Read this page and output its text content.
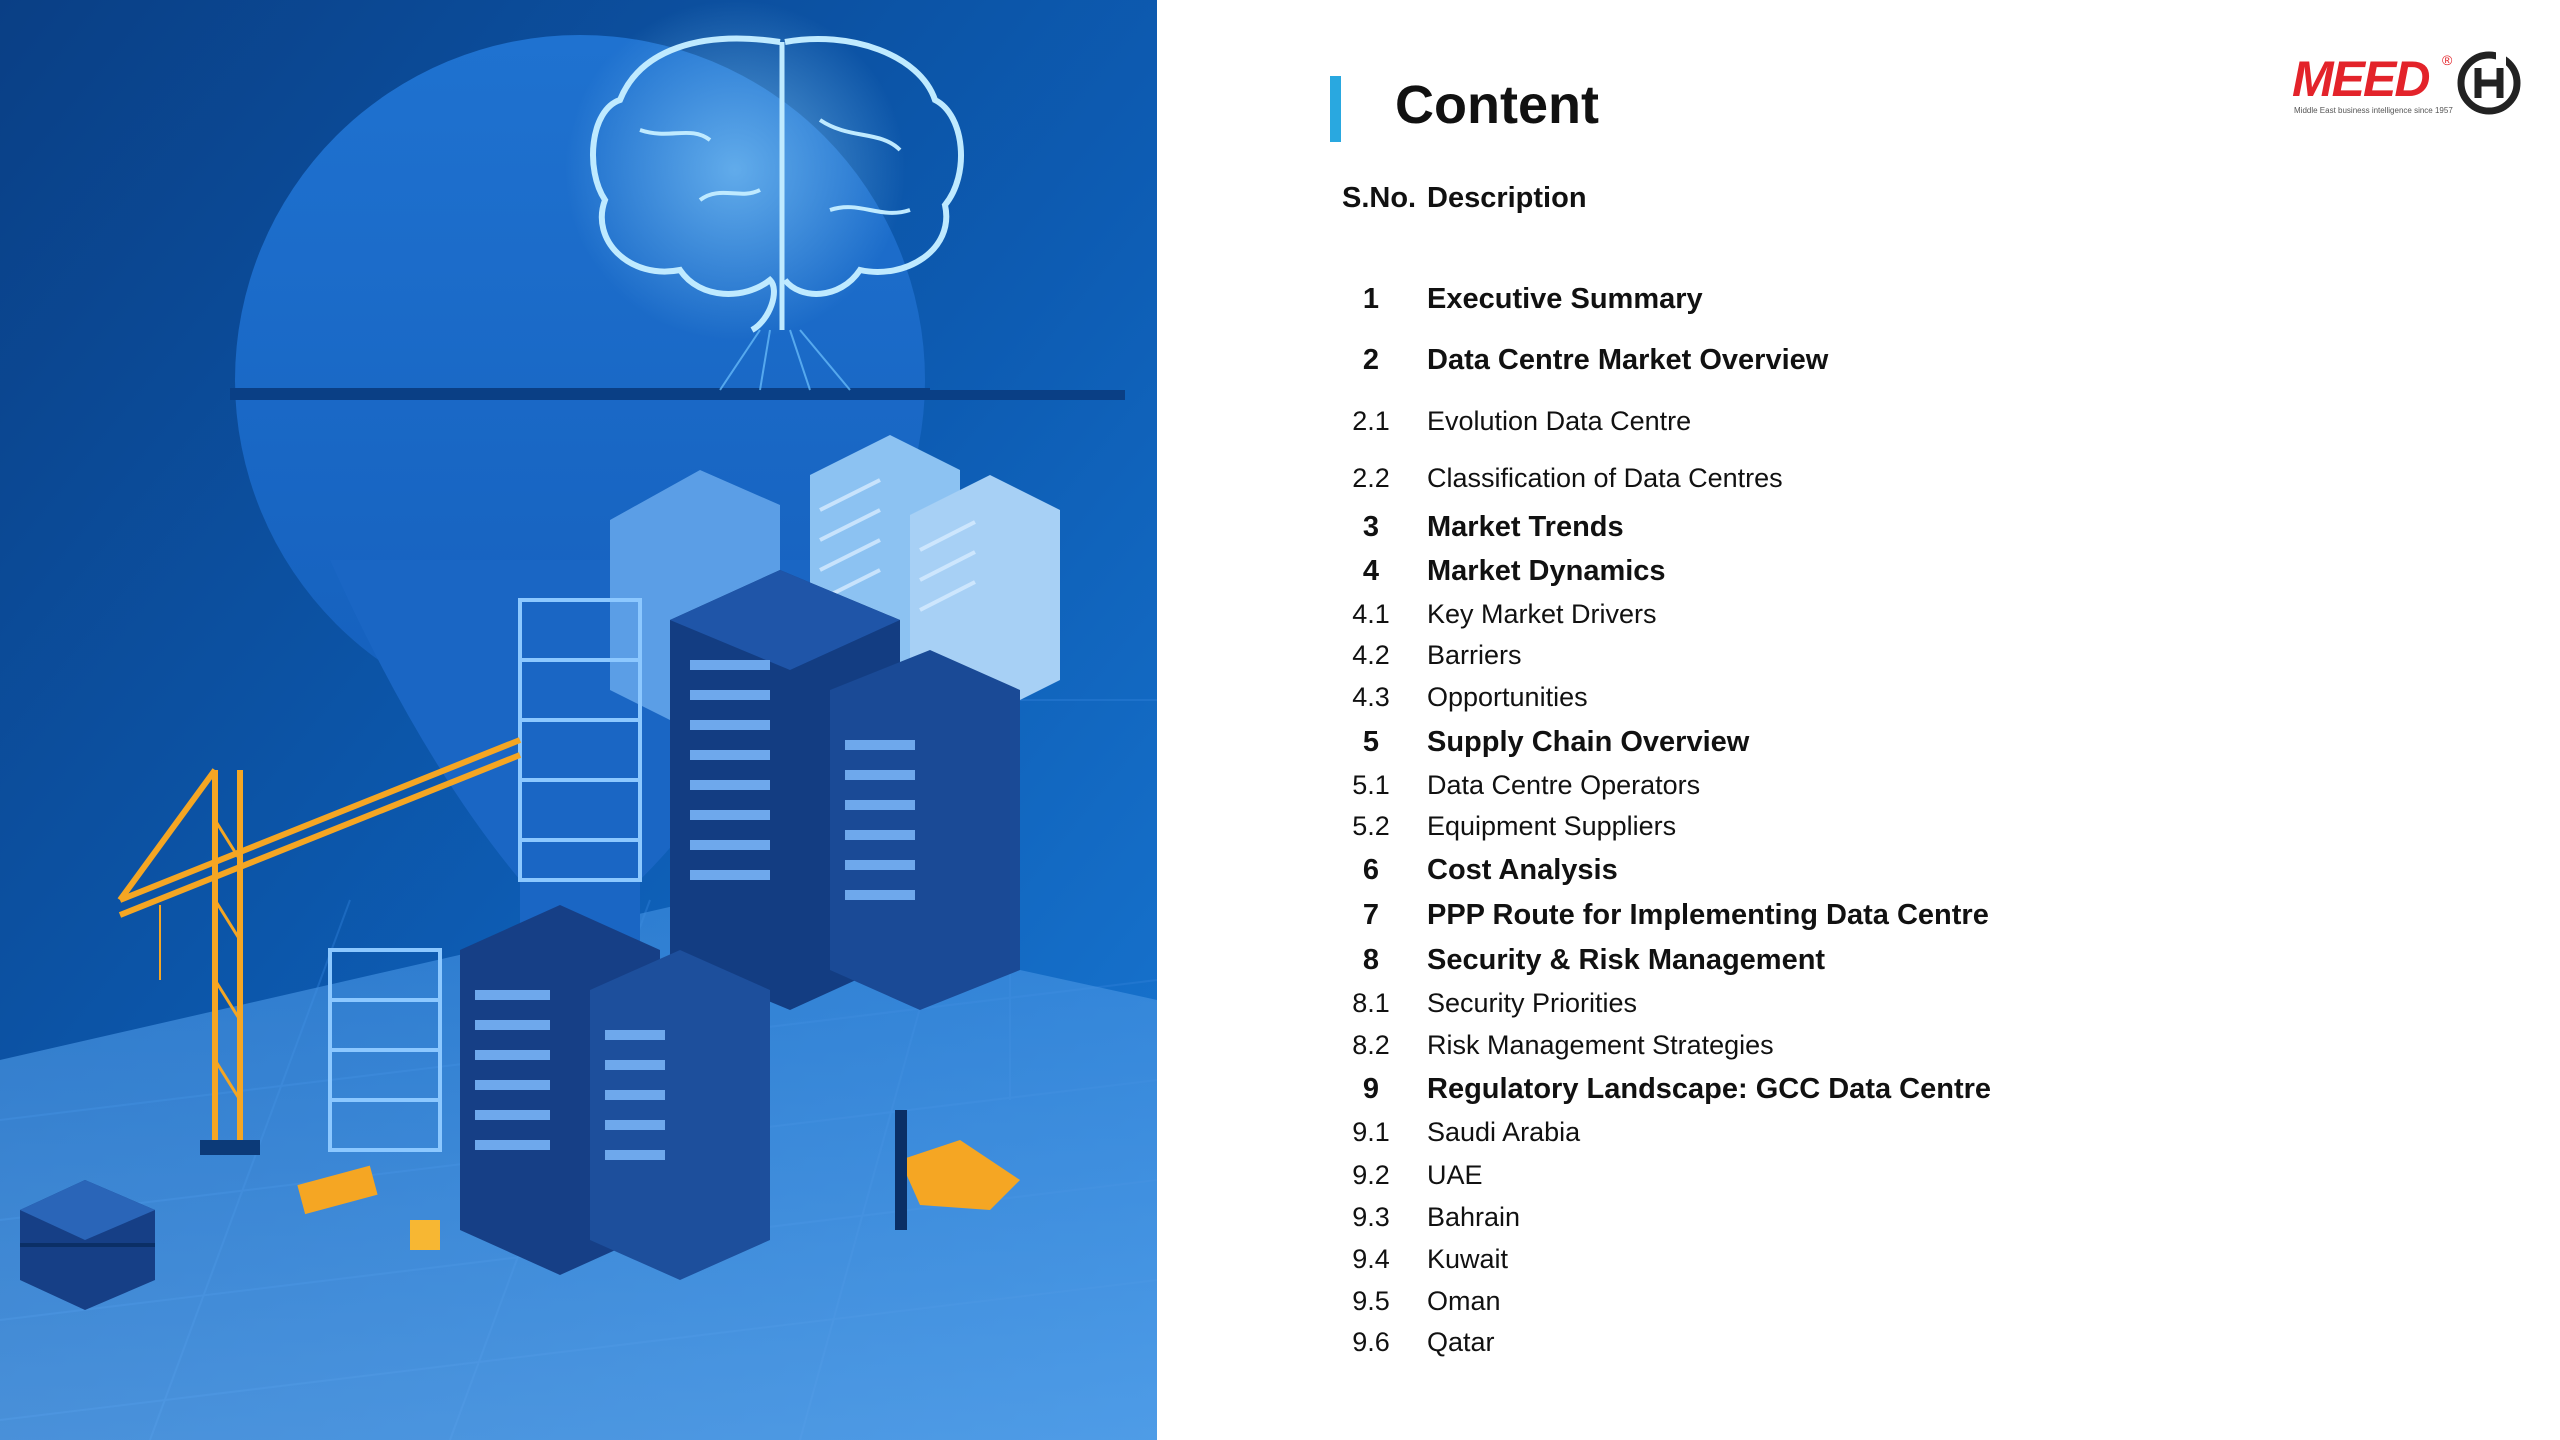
Content
S.No. Description
MEED ®
Middle East business intelligence since 1957
1	Executive Summary
2	Data Centre Market Overview
2.1	Evolution Data Centre
2.2	Classification of Data Centres
3	Market Trends
4	Market Dynamics
4.1	Key Market Drivers
4.2	Barriers
4.3	Opportunities
5	Supply Chain Overview
5.1	Data Centre Operators
5.2	Equipment Suppliers
6	Cost Analysis
7	PPP Route for Implementing Data Centre
8	Security & Risk Management
8.1	Security Priorities
8.2	Risk Management Strategies
9	Regulatory Landscape: GCC Data Centre
9.1	Saudi Arabia
9.2	UAE
9.3	Bahrain
9.4	Kuwait
9.5	Oman
9.6	Qatar
